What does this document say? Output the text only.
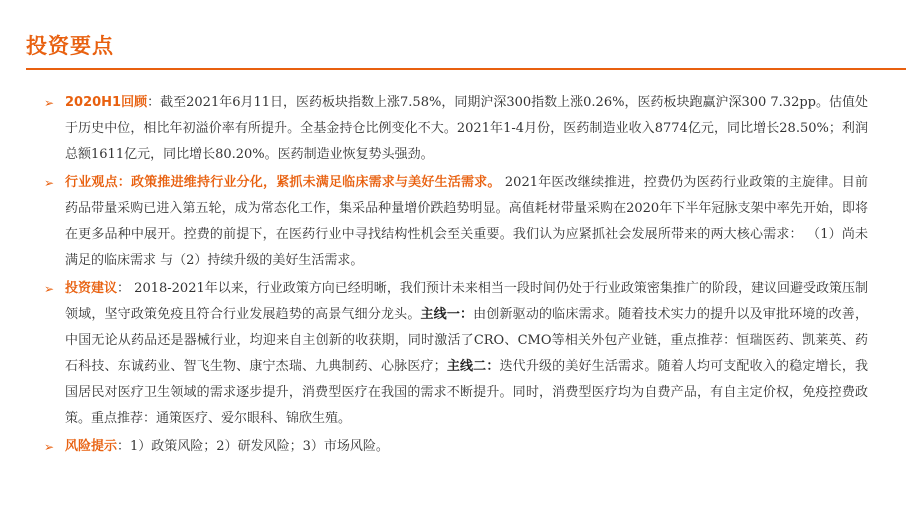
投资要点
➢ 2020H1回顾：截至2021年6月11日，医药板块指数上涨7.58%，同期沪深300指数上涨0.26%，医药板块跑赢沪深300 7.32pp。估值处于历史中位，相比年初溢价率有所提升。全基金持仓比例变化不大。2021年1-4月份，医药制造业收入8774亿元，同比增长28.50%；利润总额1611亿元，同比增长80.20%。医药制造业恢复势头强劲。
➢ 行业观点：政策推进维持行业分化，紧抓未满足临床需求与美好生活需求。 2021年医改继续推进，控费仍为医药行业政策的主旋律。目前药品带量采购已进入第五轮，成为常态化工作，集采品种量增价跌趋势明显。高值耗材带量采购在2020年下半年冠脉支架中率先开始，即将在更多品种中展开。控费的前提下，在医药行业中寻找结构性机会至关重要。我们认为应紧抓社会发展所带来的两大核心需求： （1）尚未满足的临床需求 与（2）持续升级的美好生活需求。
➢ 投资建议： 2018-2021年以来，行业政策方向已经明晰，我们预计未来相当一段时间仍处于行业政策密集推广的阶段，建议回避受政策压制领域，坚守政策免疫且符合行业发展趋势的高景气细分龙头。主线一：由创新驱动的临床需求。随着技术实力的提升以及审批环境的改善，中国无论从药品还是器械行业，均迎来自主创新的收获期，同时激活了CRO、CMO等相关外包产业链，重点推荐：恒瑞医药、凯莱英、药石科技、东诚药业、智飞生物、康宁杰瑞、九典制药、心脉医疗；主线二：迭代升级的美好生活需求。随着人均可支配收入的稳定增长，我国居民对医疗卫生领域的需求逐步提升，消费型医疗在我国的需求不断提升。同时，消费型医疗均为自费产品，有自主定价权，免疫控费政策。重点推荐：通策医疗、爱尔眼科、锦欣生殖。
➢ 风险提示：1）政策风险；2）研发风险；3）市场风险。
